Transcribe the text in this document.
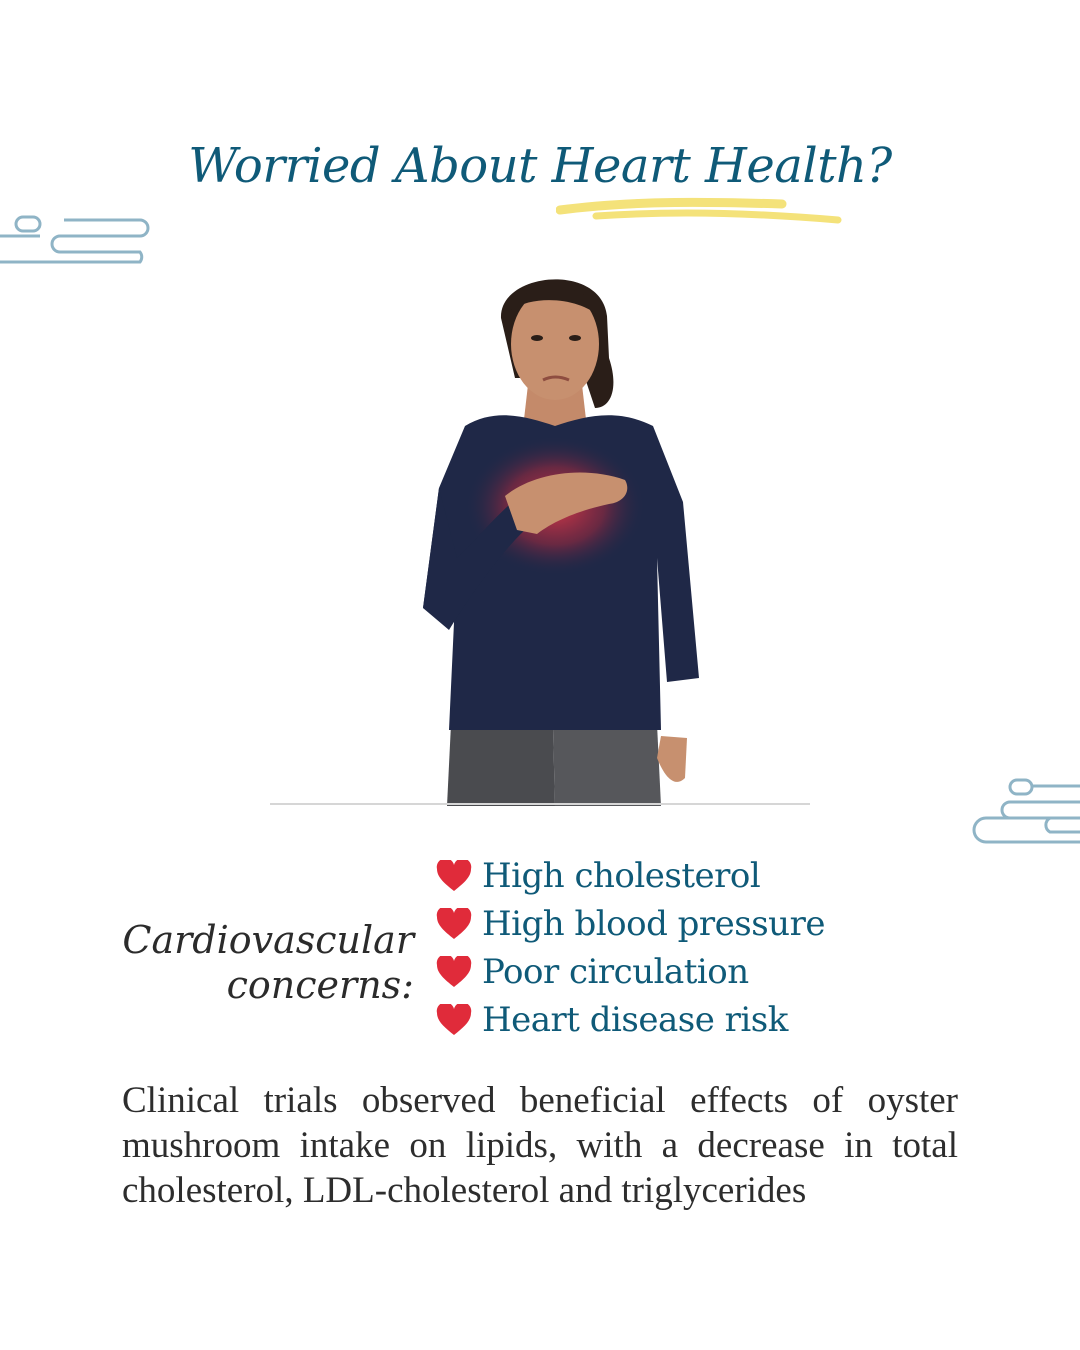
Worried About Heart Health?
Cardiovascular concerns:
High cholesterol
High blood pressure
Poor circulation
Heart disease risk

Clinical trials observed beneficial effects of oyster mushroom intake on lipids, with a decrease in total cholesterol, LDL-cholesterol and triglycerides
